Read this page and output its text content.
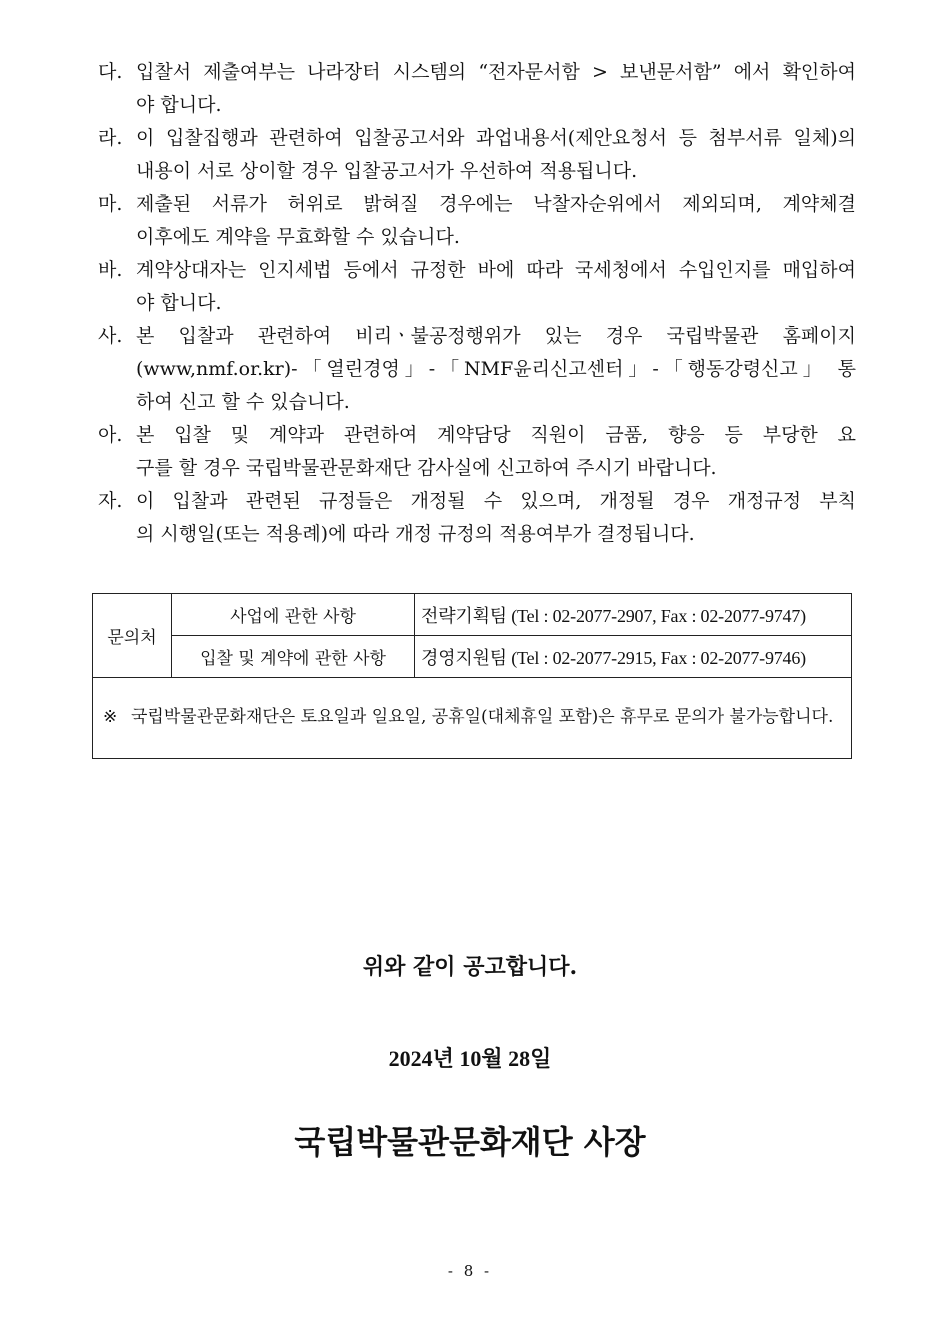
다. 입찰서 제출여부는 나라장터 시스템의 “전자문서함 > 보낸문서함” 에서 확인하여
야 합니다.
라. 이 입찰집행과 관련하여 입찰공고서와 과업내용서(제안요청서 등 첨부서류 일체)의
내용이 서로 상이할 경우 입찰공고서가 우선하여 적용됩니다.
마. 제출된 서류가 허위로 밝혀질 경우에는 낙찰자순위에서 제외되며, 계약체결
이후에도 계약을 무효화할 수 있습니다.
바. 계약상대자는 인지세법 등에서 규정한 바에 따라 국세청에서 수입인지를 매입하여
야 합니다.
사. 본 입찰과 관련하여 비리ㆍ불공정행위가 있는 경우 국립박물관 홈페이지
(www,nmf.or.kr)-「열린경영」-「NMF윤리신고센터」-「행동강령신고」 통
하여 신고 할 수 있습니다.
아. 본 입찰 및 계약과 관련하여 계약담당 직원이 금품, 향응 등 부당한 요
구를 할 경우 국립박물관문화재단 감사실에 신고하여 주시기 바랍니다.
자. 이 입찰과 관련된 규정들은 개정될 수 있으며, 개정될 경우 개정규정 부칙
의 시행일(또는 적용례)에 따라 개정 규정의 적용여부가 결정됩니다.
문의처	사업에 관한 사항	전략기획팀 (Tel : 02-2077-2907, Fax : 02-2077-9747)
	입찰 및 계약에 관한 사항	경영지원팀 (Tel : 02-2077-2915, Fax : 02-2077-9746)

※ 국립박물관문화재단은 토요일과 일요일, 공휴일(대체휴일 포함)은 휴무로 문의가 불가능합니다.		
위와 같이 공고합니다.
2024년 10월 28일
국립박물관문화재단 사장
- 8 -
